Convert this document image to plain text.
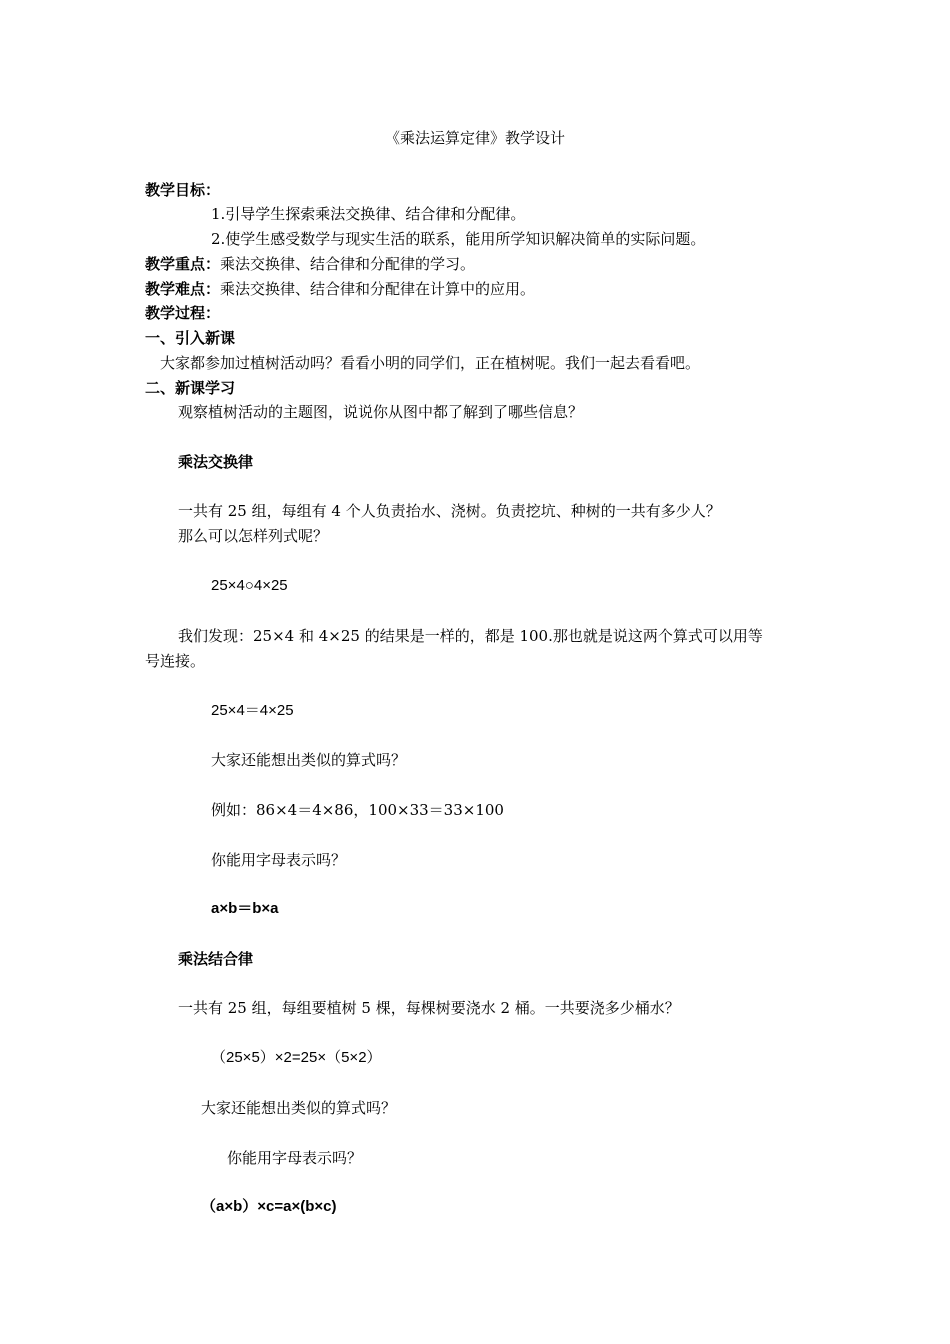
《乘法运算定律》教学设计
教学目标：
1.引导学生探索乘法交换律、结合律和分配律。
2.使学生感受数学与现实生活的联系，能用所学知识解决简单的实际问题。
教学重点：乘法交换律、结合律和分配律的学习。
教学难点：乘法交换律、结合律和分配律在计算中的应用。
教学过程：
一、引入新课
大家都参加过植树活动吗？看看小明的同学们，正在植树呢。我们一起去看看吧。
二、新课学习
观察植树活动的主题图，说说你从图中都了解到了哪些信息？
乘法交换律
一共有 25 组，每组有 4 个人负责抬水、浇树。负责挖坑、种树的一共有多少人？
那么可以怎样列式呢？
25×4○4×25
我们发现：25×4 和 4×25 的结果是一样的，都是 100.那也就是说这两个算式可以用等
号连接。
25×4＝4×25
大家还能想出类似的算式吗？
例如：86×4＝4×86，100×33＝33×100
你能用字母表示吗？
a×b＝b×a
乘法结合律
一共有 25 组，每组要植树 5 棵，每棵树要浇水 2 桶。一共要浇多少桶水？
（25×5）×2=25×（5×2）
大家还能想出类似的算式吗？
你能用字母表示吗？
（a×b）×c=a×(b×c)
